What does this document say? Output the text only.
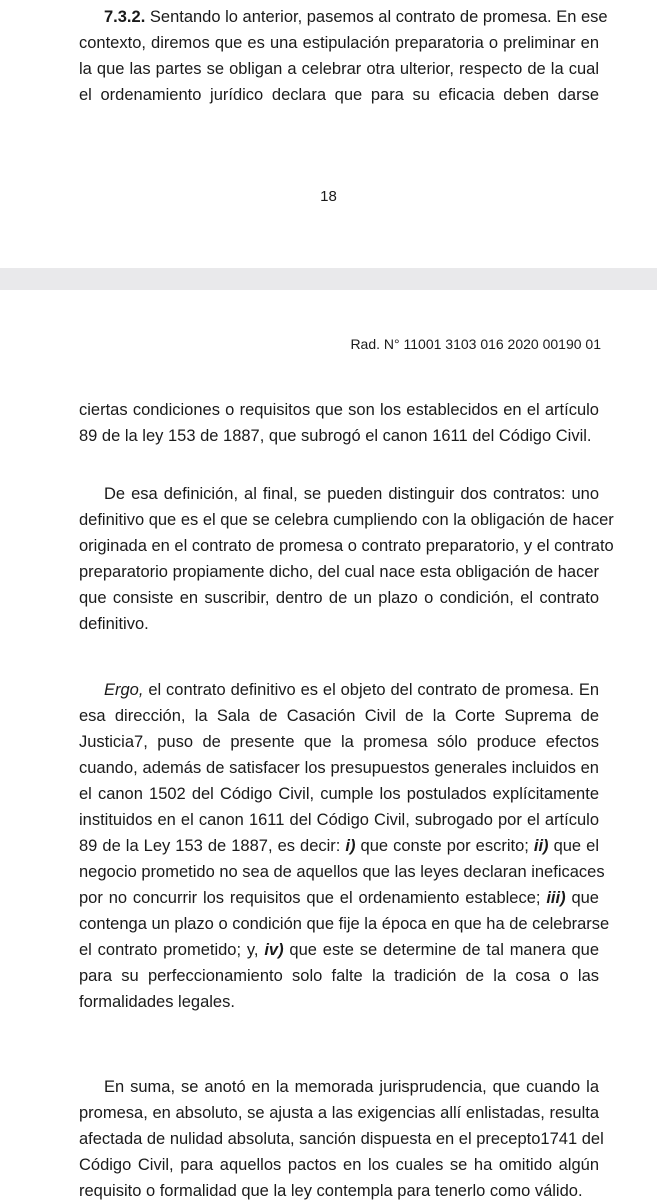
7.3.2. Sentando lo anterior, pasemos al contrato de promesa. En ese
contexto, diremos que es una estipulación preparatoria o preliminar en
la que las partes se obligan a celebrar otra ulterior, respecto de la cual
el ordenamiento jurídico declara que para su eficacia deben darse
18
Rad. N° 11001 3103 016 2020 00190 01
ciertas condiciones o requisitos que son los establecidos en el artículo
89 de la ley 153 de 1887, que subrogó el canon 1611 del Código Civil.
De esa definición, al final, se pueden distinguir dos contratos: uno
definitivo que es el que se celebra cumpliendo con la obligación de hacer
originada en el contrato de promesa o contrato preparatorio, y el contrato
preparatorio propiamente dicho, del cual nace esta obligación de hacer
que consiste en suscribir, dentro de un plazo o condición, el contrato
definitivo.
Ergo, el contrato definitivo es el objeto del contrato de promesa. En
esa dirección, la Sala de Casación Civil de la Corte Suprema de
Justicia7, puso de presente que la promesa sólo produce efectos
cuando, además de satisfacer los presupuestos generales incluidos en
el canon 1502 del Código Civil, cumple los postulados explícitamente
instituidos en el canon 1611 del Código Civil, subrogado por el artículo
89 de la Ley 153 de 1887, es decir: i) que conste por escrito; ii) que el
negocio prometido no sea de aquellos que las leyes declaran ineficaces
por no concurrir los requisitos que el ordenamiento establece; iii) que
contenga un plazo o condición que fije la época en que ha de celebrarse
el contrato prometido; y, iv) que este se determine de tal manera que
para su perfeccionamiento solo falte la tradición de la cosa o las
formalidades legales.
En suma, se anotó en la memorada jurisprudencia, que cuando la
promesa, en absoluto, se ajusta a las exigencias allí enlistadas, resulta
afectada de nulidad absoluta, sanción dispuesta en el precepto1741 del
Código Civil, para aquellos pactos en los cuales se ha omitido algún
requisito o formalidad que la ley contempla para tenerlo como válido.
